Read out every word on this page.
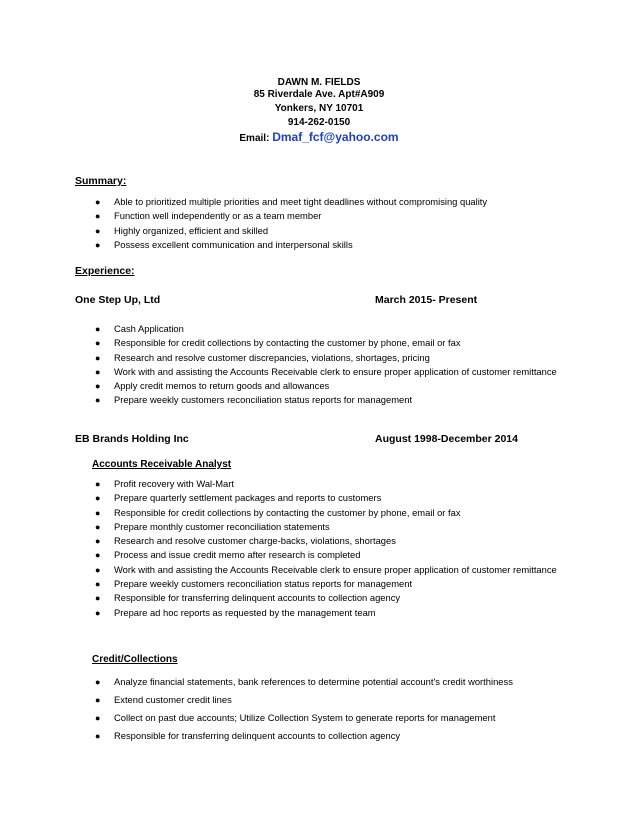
DAWN M. FIELDS
85 Riverdale Ave. Apt#A909
Yonkers, NY 10701
914-262-0150
Email: Dmaf_fcf@yahoo.com
Summary:
● Able to prioritized multiple priorities and meet tight deadlines without compromising quality
● Function well independently or as a team member
● Highly organized, efficient and skilled
● Possess excellent communication and interpersonal skills
Experience:
One Step Up, Ltd	March 2015- Present
● Cash Application
● Responsible for credit collections by contacting the customer by phone, email or fax
● Research and resolve customer discrepancies, violations, shortages, pricing
● Work with and assisting the Accounts Receivable clerk to ensure proper application of customer remittance
● Apply credit memos to return goods and allowances
● Prepare weekly customers reconciliation status reports for management
EB Brands Holding Inc	August 1998-December 2014
Accounts Receivable Analyst
● Profit recovery with Wal-Mart
● Prepare quarterly settlement packages and reports to customers
● Responsible for credit collections by contacting the customer by phone, email or fax
● Prepare monthly customer reconciliation statements
● Research and resolve customer charge-backs, violations, shortages
● Process and issue credit memo after research is completed
● Work with and assisting the Accounts Receivable clerk to ensure proper application of customer remittance
● Prepare weekly customers reconciliation status reports for management
● Responsible for transferring delinquent accounts to collection agency
● Prepare ad hoc reports as requested by the management team
Credit/Collections
● Analyze financial statements, bank references to determine potential account's credit worthiness
● Extend customer credit lines
● Collect on past due accounts; Utilize Collection System to generate reports for management
● Responsible for transferring delinquent accounts to collection agency
